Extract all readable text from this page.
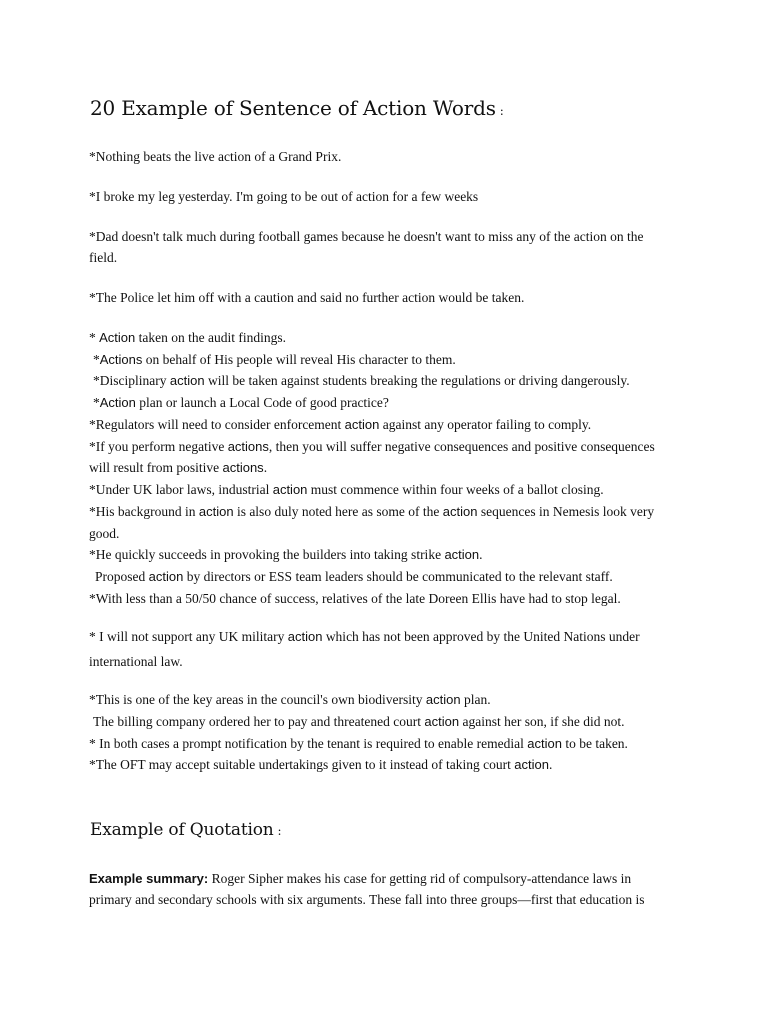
20 Example of Sentence of Action Words :

*Nothing beats the live action of a Grand Prix.

*I broke my leg yesterday. I'm going to be out of action for a few weeks

*Dad doesn't talk much during football games because he doesn't want to miss any of the action on the

field.

*The Police let him off with a caution and said no further action would be taken.

* Action taken on the audit findings.

*Actions on behalf of His people will reveal His character to them.

*Disciplinary action will be taken against students breaking the regulations or driving dangerously.

*Action plan or launch a Local Code of good practice?

*Regulators will need to consider enforcement action against any operator failing to comply.

*If you perform negative actions, then you will suffer negative consequences and positive consequences

will result from positive actions.

*Under UK labor laws, industrial action must commence within four weeks of a ballot closing.

*His background in action is also duly noted here as some of the action sequences in Nemesis look very

good.

*He quickly succeeds in provoking the builders into taking strike action.

Proposed action by directors or ESS team leaders should be communicated to the relevant staff.

*With less than a 50/50 chance of success, relatives of the late Doreen Ellis have had to stop legal.

* I will not support any UK military action which has not been approved by the United Nations under

international law.

*This is one of the key areas in the council's own biodiversity action plan.

The billing company ordered her to pay and threatened court action against her son, if she did not.

* In both cases a prompt notification by the tenant is required to enable remedial action to be taken.

*The OFT may accept suitable undertakings given to it instead of taking court action.

Example of Quotation :

Example summary: Roger Sipher makes his case for getting rid of compulsory-attendance laws in

primary and secondary schools with six arguments. These fall into three groups—first that education is
